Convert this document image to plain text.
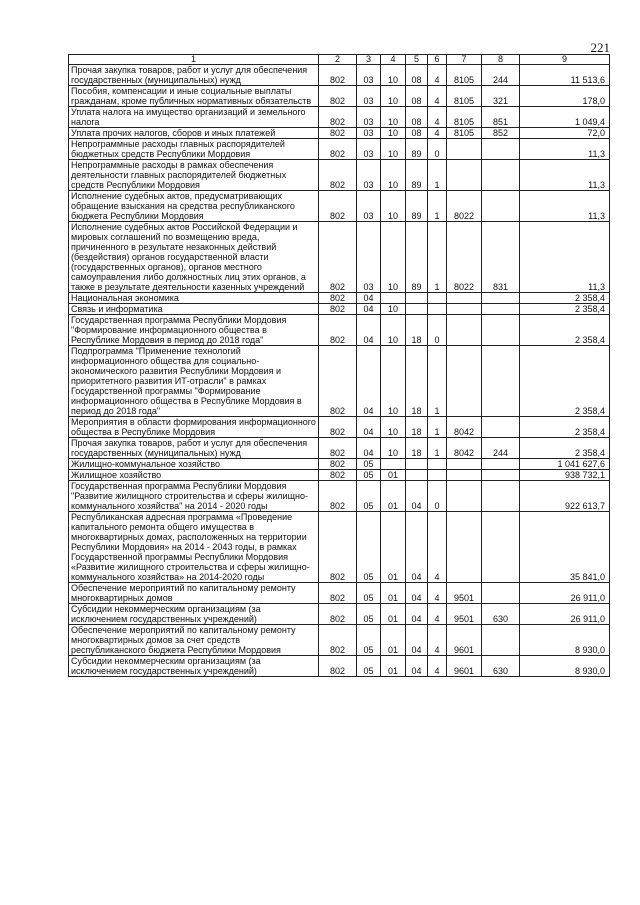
221
1	2	3	4	5	6	7	8	9
Прочая закупка товаров, работ и услуг для обеспечения государственных (муниципальных) нужд	802	03	10	08	4	8105	244	11 513,6
Пособия, компенсации и иные социальные выплаты гражданам, кроме публичных нормативных обязательств	802	03	10	08	4	8105	321	178,0
Уплата налога на имущество организаций и земельного налога	802	03	10	08	4	8105	851	1 049,4
Уплата прочих налогов, сборов и иных платежей	802	03	10	08	4	8105	852	72,0
Непрограммные расходы главных распорядителей бюджетных средств Республики Мордовия	802	03	10	89	0			11,3
Непрограммные расходы в рамках обеспечения деятельности главных распорядителей бюджетных средств Республики Мордовия	802	03	10	89	1			11,3
Исполнение судебных актов, предусматривающих обращение взыскания на средства республиканского бюджета Республики Мордовия	802	03	10	89	1	8022		11,3
Исполнение судебных актов Российской Федерации и мировых соглашений по возмещению вреда, причиненного в результате незаконных действий (бездействия) органов государственной власти (государственных органов), органов местного самоуправления либо должностных лиц этих органов, а также в результате деятельности казенных учреждений	802	03	10	89	1	8022	831	11,3
Национальная экономика	802	04						2 358,4
Связь и информатика	802	04	10					2 358,4
Государственная программа Республики Мордовия "Формирование информационного общества в Республике Мордовия в период до 2018 года"	802	04	10	18	0			2 358,4
Подпрограмма "Применение технологий информационного общества для социально-экономического развития Республики Мордовия и приоритетного развития ИТ-отрасли" в рамках Государственной программы "Формирование информационного общества в Республике Мордовия в период до 2018 года"	802	04	10	18	1			2 358,4
Мероприятия в области формирования информационного общества в Республике Мордовия	802	04	10	18	1	8042		2 358,4
Прочая закупка товаров, работ и услуг для обеспечения государственных (муниципальных) нужд	802	04	10	18	1	8042	244	2 358,4
Жилищно-коммунальное хозяйство	802	05						1 041 627,6
Жилищное хозяйство	802	05	01					938 732,1
Государственная программа Республики Мордовия "Развитие жилищного строительства и сферы жилищно-коммунального хозяйства" на 2014 - 2020 годы	802	05	01	04	0			922 613,7
Республиканская адресная программа «Проведение капитального ремонта общего имущества в многоквартирных домах, расположенных на территории Республики Мордовия» на 2014 - 2043 годы, в рамках Государственной программы Республики Мордовия «Развитие жилищного строительства и сферы жилищно-коммунального хозяйства» на 2014-2020 годы	802	05	01	04	4			35 841,0
Обеспечение мероприятий по капитальному ремонту многоквартирных домов	802	05	01	04	4	9501		26 911,0
Субсидии некоммерческим организациям (за исключением государственных учреждений)	802	05	01	04	4	9501	630	26 911,0
Обеспечение мероприятий по капитальному ремонту многоквартирных домов за счет средств республиканского бюджета Республики Мордовия	802	05	01	04	4	9601		8 930,0
Субсидии некоммерческим организациям (за исключением государственных учреждений)	802	05	01	04	4	9601	630	8 930,0
